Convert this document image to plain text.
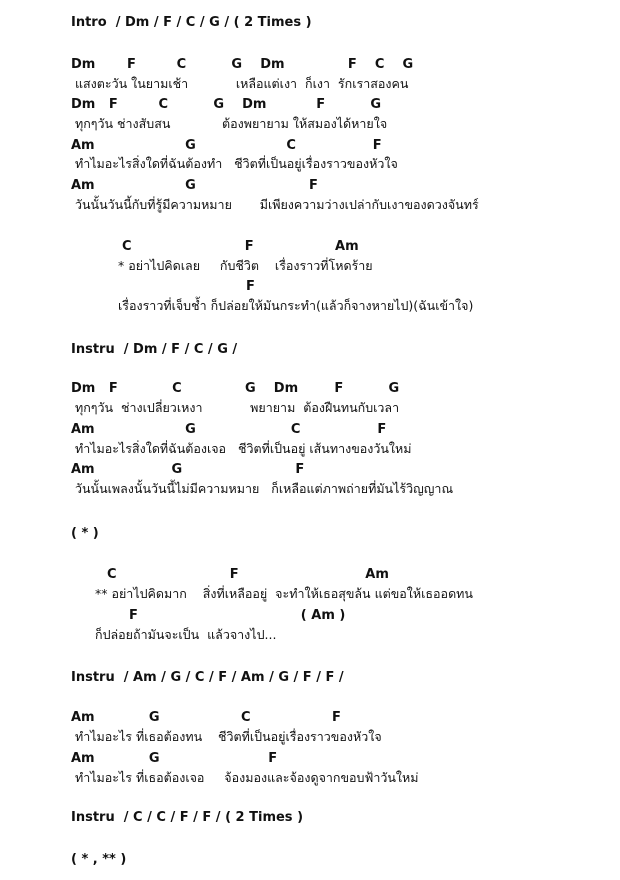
Intro  / Dm / F / C / G / ( 2 Times )
Dm       F         C          G    Dm              F    C    G
แสงตะวัน ในยามเช้า            เหลือแต่เงา  ก็เงา  รักเราสองคน
Dm   F         C          G    Dm           F          G
ทุกๆวัน ช่างสับสน             ต้องพยายาม ให้สมองได้หายใจ
Am                    G                    C                 F
ทำไมอะไรสิ่งใดที่ฉันต้องทำ   ชีวิตที่เป็นอยู่เรื่องราวของหัวใจ
Am                    G                         F
วันนั้นวันนี้กับที่รู้มีความหมาย       มีเพียงความว่างเปล่ากับเงาของดวงจันทร์
C                         F                  Am
* อย่าไปคิดเลย     กับชีวิต    เรื่องราวที่โหดร้าย
F
เรื่องราวที่เจ็บช้ำ ก็ปล่อยให้มันกระทำ(แล้วก็จางหายไป)(ฉันเข้าใจ)
Instru  / Dm / F / C / G /
Dm   F            C              G    Dm        F          G
ทุกๆวัน  ช่างเปลี่ยวเหงา            พยายาม  ต้องฝืนทนกับเวลา
Am                    G                     C                 F
ทำไมอะไรสิ่งใดที่ฉันต้องเจอ   ชีวิตที่เป็นอยู่ เส้นทางของวันใหม่
Am                 G                         F
วันนั้นเพลงนั้นวันนี้ไม่มีความหมาย   ก็เหลือแต่ภาพถ่ายที่มันไร้วิญญาณ
( * )
C                         F                            Am
** อย่าไปคิดมาก    สิ่งที่เหลืออยู่  จะทำให้เธอสุขล้น แต่ขอให้เธออดทน
F                                    ( Am )
ก็ปล่อยถ้ามันจะเป็น  แล้วจางไป...
Instru  / Am / G / C / F / Am / G / F / F /
Am            G                  C                  F
ทำไมอะไร ที่เธอต้องทน    ชีวิตที่เป็นอยู่เรื่องราวของหัวใจ
Am            G                        F
ทำไมอะไร ที่เธอต้องเจอ     จ้องมองและจ้องดูจากขอบฟ้าวันใหม่
Instru  / C / C / F / F / ( 2 Times )
( * , ** )
